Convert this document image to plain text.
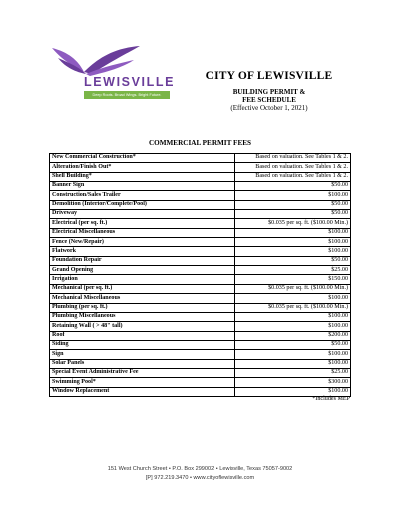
LEWISVILLE
Deep Roots. Broad Wings. Bright Future.
CITY OF LEWISVILLE
BUILDING PERMIT &
FEE SCHEDULE
(Effective October 1, 2021)
COMMERCIAL PERMIT FEES
New Commercial Construction*	Based on valuation. See Tables 1 & 2.
Alteration/Finish Out*	Based on valuation. See Tables 1 & 2.
Shell Building*	Based on valuation. See Tables 1 & 2.
Banner Sign	$50.00
Construction/Sales Trailer	$100.00
Demolition (Interior/Complete/Pool)	$50.00
Driveway	$50.00
Electrical (per sq. ft.)	$0.035 per sq. ft. ($100.00 Min.)
Electrical Miscellaneous	$100.00
Fence (New/Repair)	$100.00
Flatwork	$100.00
Foundation Repair	$50.00
Grand Opening	$25.00
Irrigation	$150.00
Mechanical (per sq. ft.)	$0.035 per sq. ft. ($100.00 Min.)
Mechanical Miscellaneous	$100.00
Plumbing (per sq. ft.)	$0.035 per sq. ft. ($100.00 Min.)
Plumbing Miscellaneous	$100.00
Retaining Wall ( > 48" tall)	$100.00
Roof	$200.00
Siding	$50.00
Sign	$100.00
Solar Panels	$100.00
Special Event Administrative Fee	$25.00
Swimming Pool*	$300.00
Window Replacement	$100.00
*Includes MEP
151 West Church Street • P.O. Box 299002 • Lewisville, Texas 75057-9002
[P] 972.219.3470 • www.cityoflewisville.com
